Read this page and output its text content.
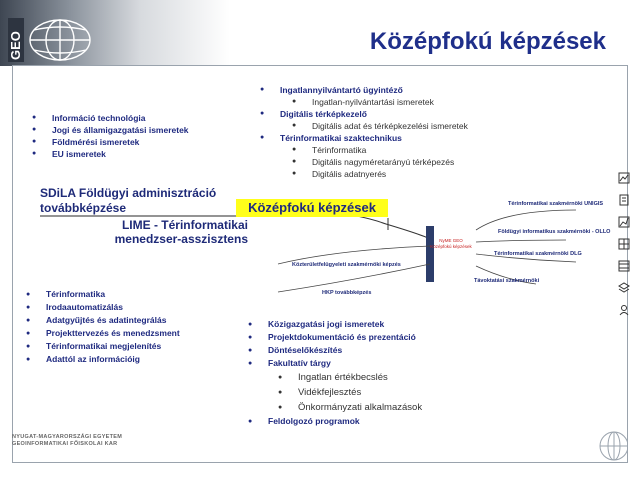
GEO	Középfokú képzések
● Információ technológia
● Jogi és államigazgatási ismeretek
● Földmérési ismeretek
● EU ismeretek
● Ingatlannyilvántartó ügyintéző
● Ingatlan-nyilvántartási ismeretek
● Digitális térképkezelő
● Digitális adat és térképkezelési ismeretek
● Térinformatikai szaktechnikus
● Térinformatika
● Digitális nagyméretarányú térképezés
● Digitális adatnyerés
SDiLA Földügyi adminisztráció továbbképzése
LIME - Térinformatikai menedzser-asszisztens
Középfokú képzések
NyME GEO Középfokú képzések
Térinformatikai szakmérnöki UNIGIS
Földügyi informatikus szakmérnöki - OLLO
Térinformatikai szakmérnöki DLG
Távoktatási szakmérnöki
Közterületfelügyeleti szakmérnöki képzés
HKP továbbképzés
● Térinformatika
● Irodaautomatizálás
● Adatgyűjtés és adatintegrálás
● Projekttervezés és menedzsment
● Térinformatikai megjelenítés
● Adattól az információig
● Közigazgatási jogi ismeretek
● Projektdokumentáció és prezentáció
● Döntéselőkészítés
● Fakultatív tárgy
● Ingatlan értékbecslés
● Vidékfejlesztés
● Önkormányzati alkalmazások
● Feldolgozó programok
NYUGAT-MAGYARORSZÁGI EGYETEM
GEOINFORMATIKAI FŐISKOLAI KAR
